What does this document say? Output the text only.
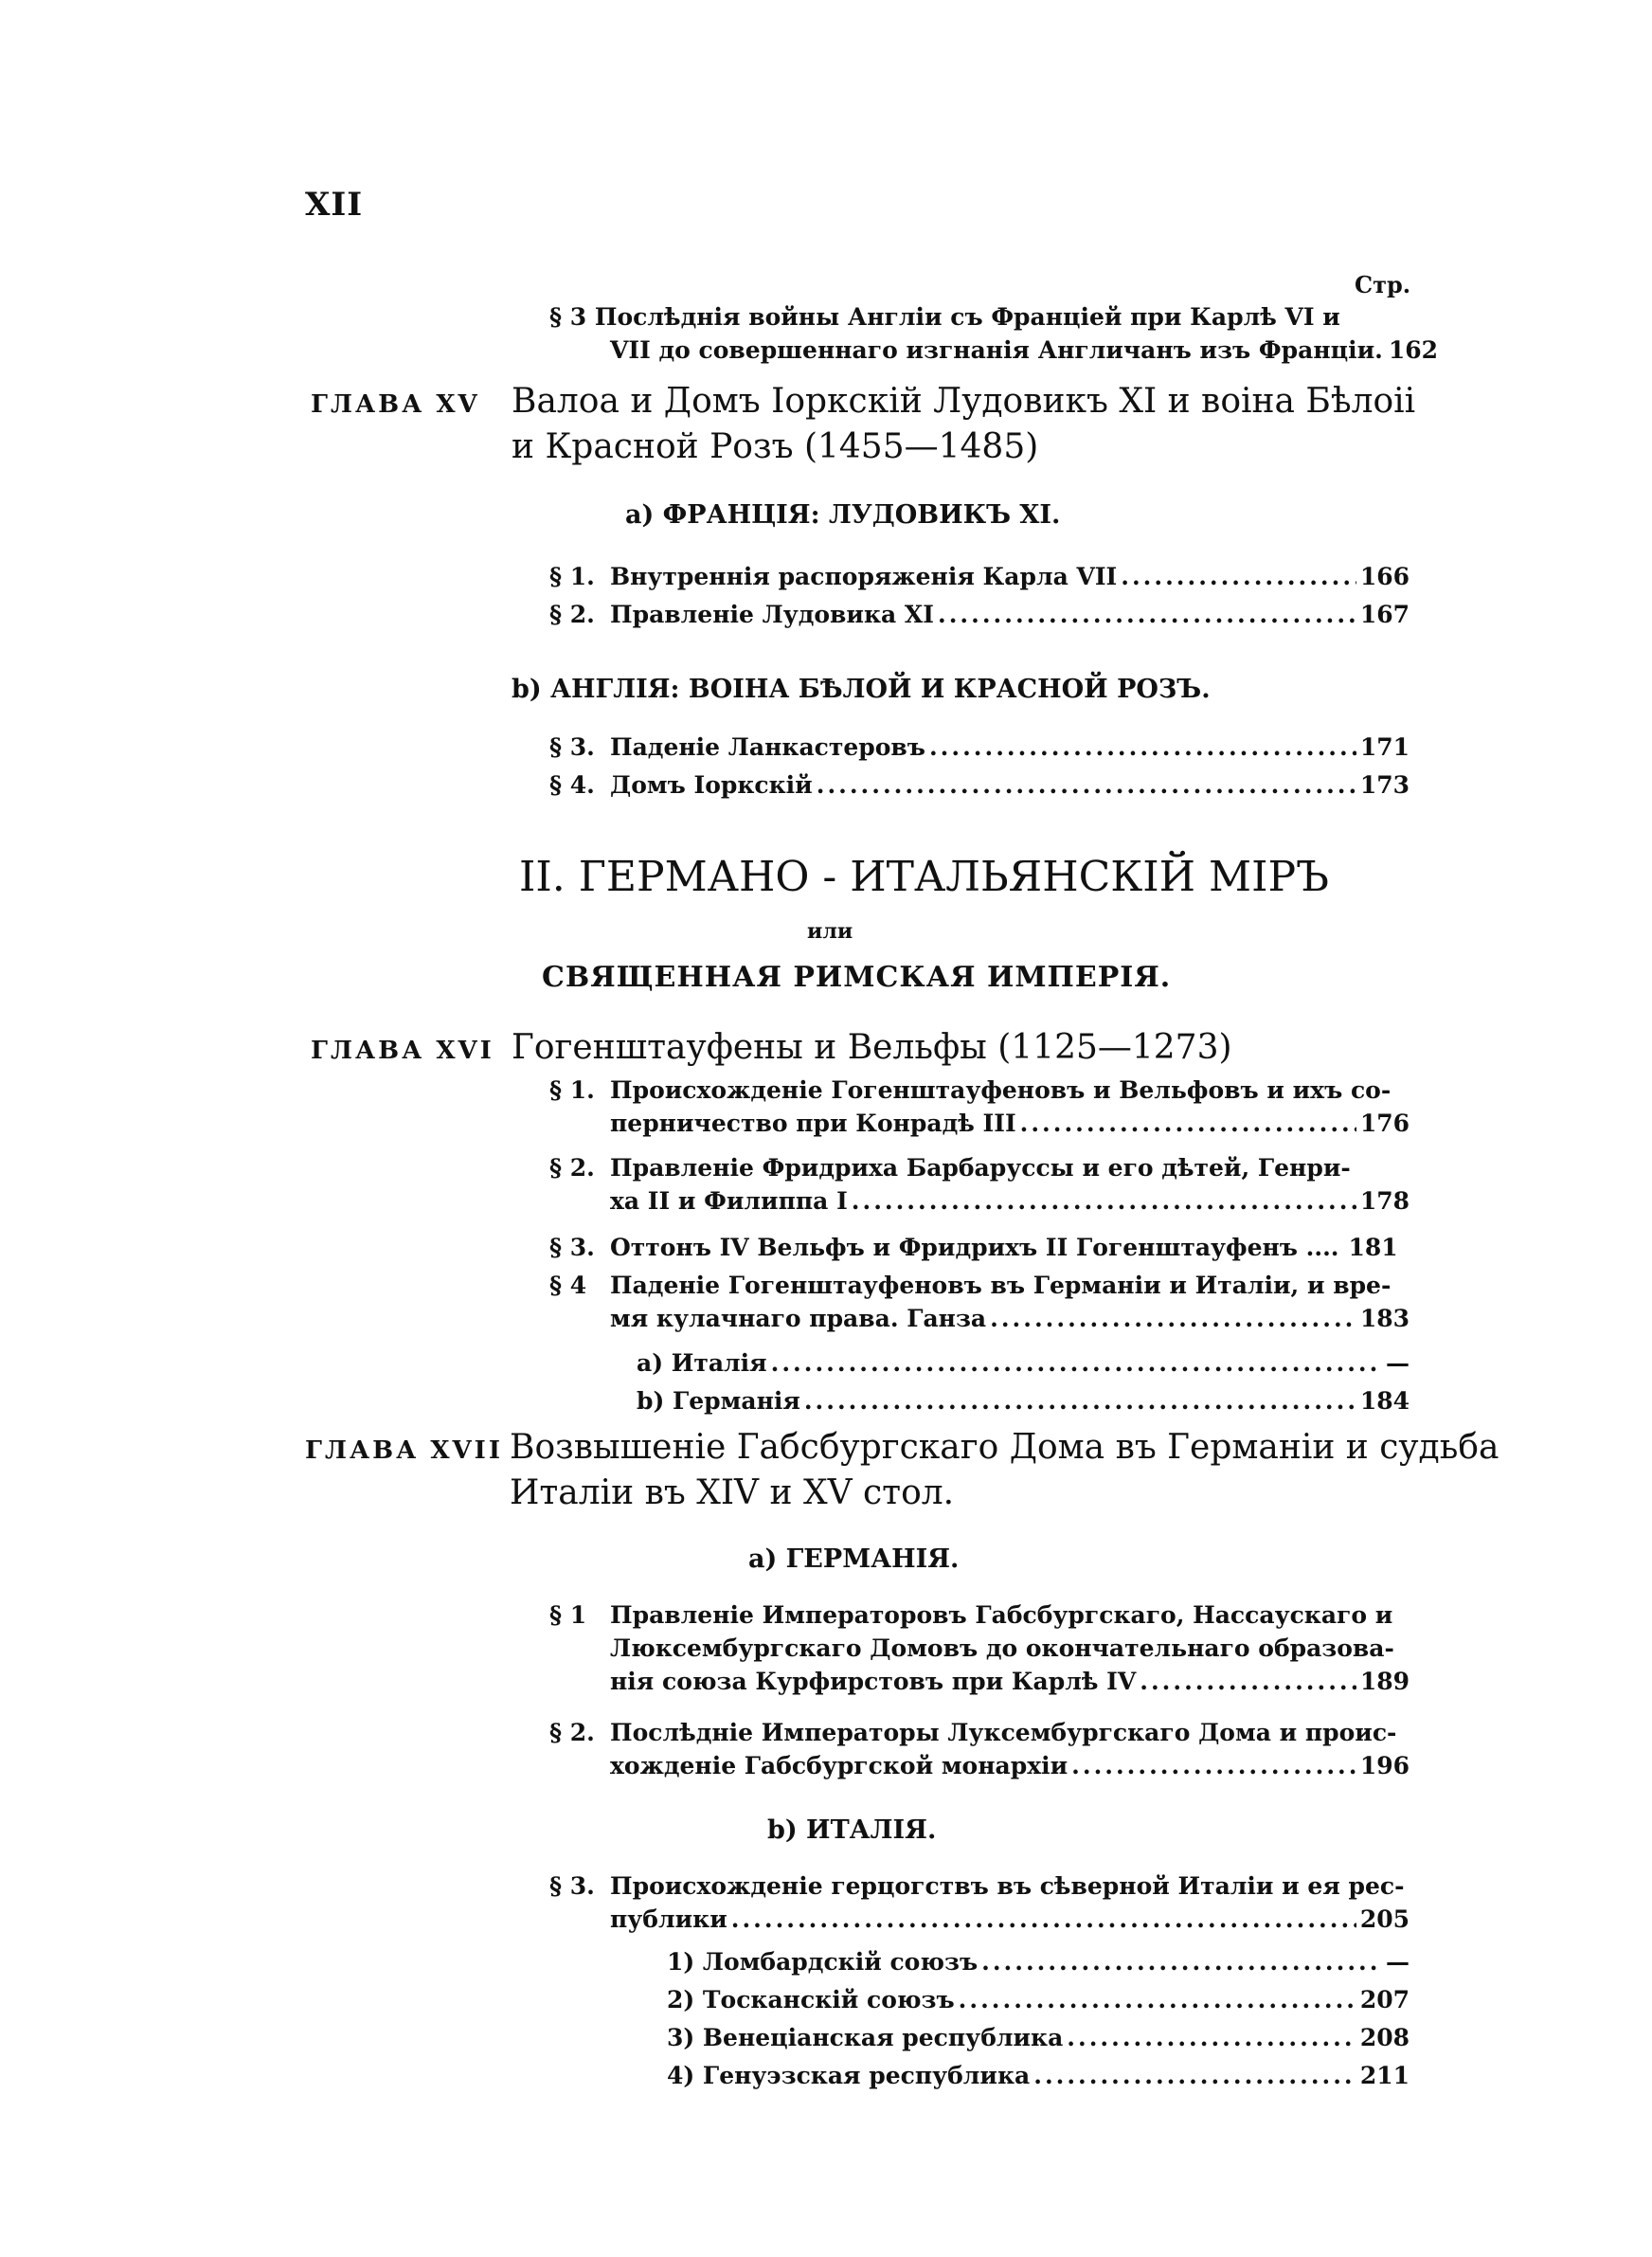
XII
Стр.
§ 3 Послѣднія войны Англіи съ Франціей при Карлѣ VI и
VII до совершеннаго изгнанія Англичанъ изъ Франціи. 162
ГЛАВА XV Валоа и Домъ Іоркскій Лудовикъ XI и воіна Бѣлоіі
и Красной Розъ (1455—1485)
а) ФРАНЦІЯ: ЛУДОВИКЪ XI.
§ 1. Внутреннія распоряженія Карла VII .....	166
§ 2. Правленіе Лудовика XI .....	167
b) АНГЛІЯ: ВОІНА БѢЛОЙ И КРАСНОЙ РОЗЪ.
§ 3. Паденіе Ланкастеровъ .....	171
§ 4. Домъ Іоркскій .....	173
II. ГЕРМАНО - ИТАЛЬЯНСКІЙ МІРЪ
или
СВЯЩЕННАЯ РИМСКАЯ ИМПЕРІЯ.
ГЛАВА XVI Гогенштауфены и Вельфы (1125—1273)
§ 1. Происхожденіе Гогенштауфеновъ и Вельфовъ и ихъ со-
перничество при Конрадѣ III .....	176
§ 2. Правленіе Фридриха Барбаруссы и его дѣтей, Генри-
ха II и Филиппа I .....	178
§ 3. Оттонъ IV Вельфъ и Фридрихъ II Гогенштауфенъ .... 181
§ 4 Паденіе Гогенштауфеновъ въ Германіи и Италіи, и вре-
мя кулачнаго права. Ганза .....	183
а) Италія .....	—
b) Германія .....	184
ГЛАВА XVII Возвышеніе Габсбургскаго Дома въ Германіи и судьба
Италіи въ XIV и XV стол.
а) ГЕРМАНІЯ.
§ 1 Правленіе Императоровъ Габсбургскаго, Нассаускаго и
Люксембургскаго Домовъ до окончательнаго образова-
нія союза Курфирстовъ при Карлѣ IV .....	189
§ 2. Послѣдніе Императоры Луксембургскаго Дома и проис-
хожденіе Габсбургской монархіи .....	196
b) ИТАЛІЯ.
§ 3. Происхожденіе герцогствъ въ сѣверной Италіи и ея рес-
публики .....	205
1) Ломбардскій союзъ .....	—
2) Тосканскій союзъ .....	207
3) Венеціанская республика .....	208
4) Генуэзская республика .....	211
